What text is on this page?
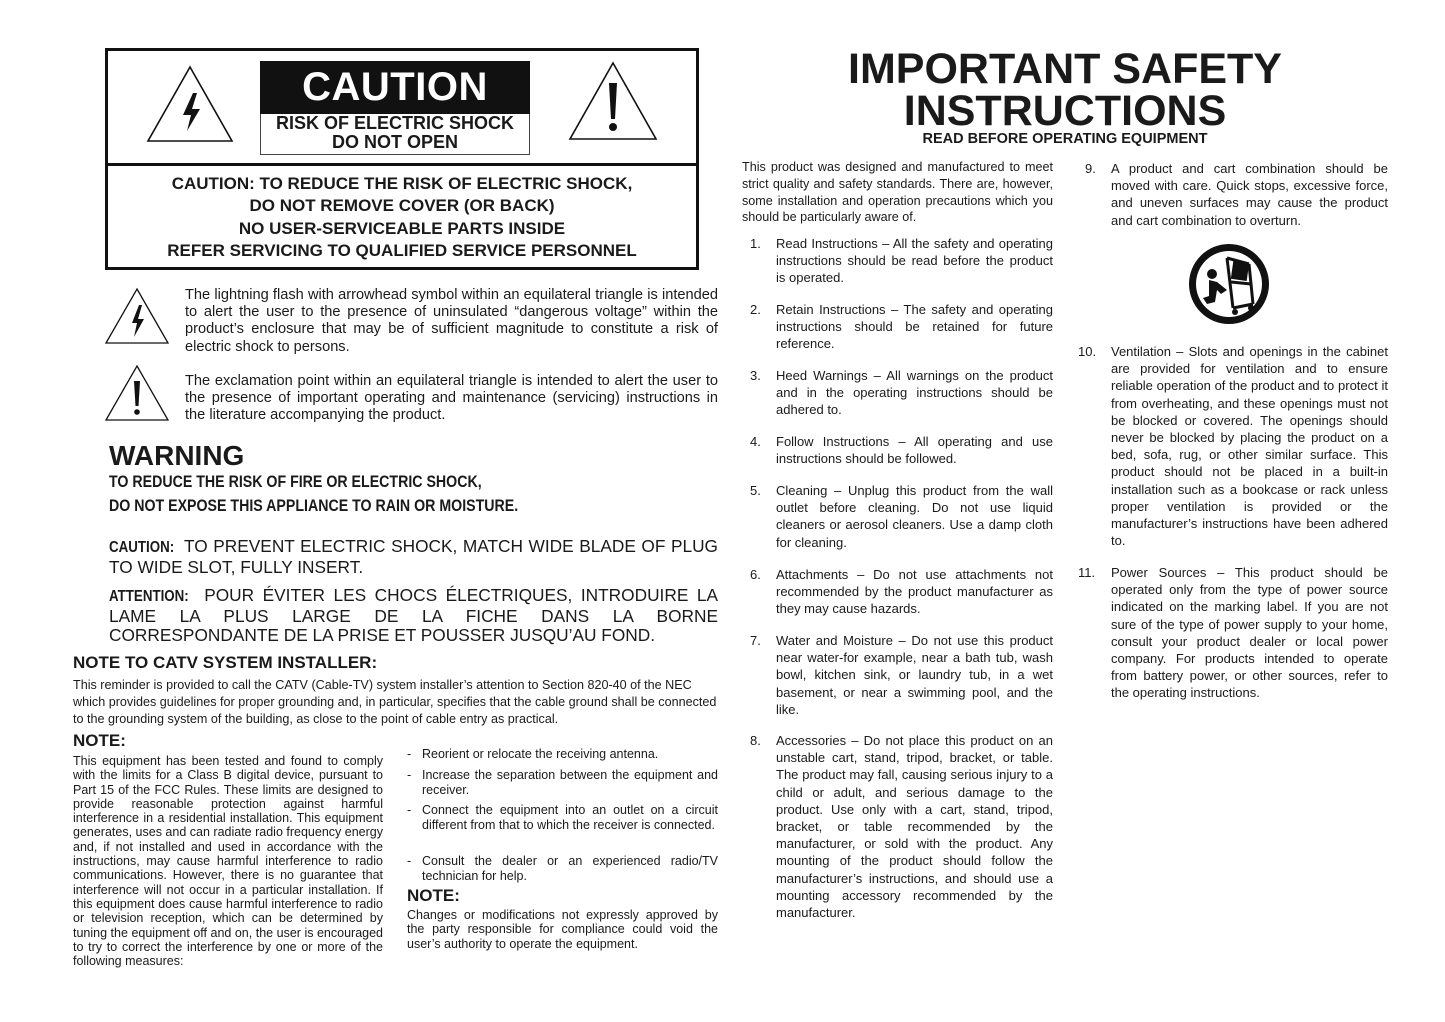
CAUTION
RISK OF ELECTRIC SHOCK
DO NOT OPEN
CAUTION: TO REDUCE THE RISK OF ELECTRIC SHOCK,
DO NOT REMOVE COVER (OR BACK)
NO USER-SERVICEABLE PARTS INSIDE
REFER SERVICING TO QUALIFIED SERVICE PERSONNEL
The lightning flash with arrowhead symbol within an equilateral triangle is intended to alert the user to the presence of uninsulated “dangerous voltage” within the product’s enclosure that may be of sufficient magnitude to constitute a risk of electric shock to persons.
The exclamation point within an equilateral triangle is intended to alert the user to the presence of important operating and maintenance (servicing) instructions in the literature accompanying the product.
WARNING
TO REDUCE THE RISK OF FIRE OR ELECTRIC SHOCK,
DO NOT EXPOSE THIS APPLIANCE TO RAIN OR MOISTURE.
CAUTION: TO PREVENT ELECTRIC SHOCK, MATCH WIDE BLADE OF PLUG TO WIDE SLOT, FULLY INSERT.
ATTENTION: POUR ÉVITER LES CHOCS ÉLECTRIQUES, INTRODUIRE LA LAME LA PLUS LARGE DE LA FICHE DANS LA BORNE CORRESPONDANTE DE LA PRISE ET POUSSER JUSQU’AU FOND.
NOTE TO CATV SYSTEM INSTALLER:
This reminder is provided to call the CATV (Cable-TV) system installer’s attention to Section 820-40 of the NEC which provides guidelines for proper grounding and, in particular, specifies that the cable ground shall be connected to the grounding system of the building, as close to the point of cable entry as practical.
NOTE:
This equipment has been tested and found to comply with the limits for a Class B digital device, pursuant to Part 15 of the FCC Rules. These limits are designed to provide reasonable protection against harmful interference in a residential installation. This equipment generates, uses and can radiate radio frequency energy and, if not installed and used in accordance with the instructions, may cause harmful interference to radio communications. However, there is no guarantee that interference will not occur in a particular installation. If this equipment does cause harmful interference to radio or television reception, which can be determined by tuning the equipment off and on, the user is encouraged to try to correct the interference by one or more of the following measures:
- Reorient or relocate the receiving antenna.
- Increase the separation between the equipment and receiver.
- Connect the equipment into an outlet on a circuit different from that to which the receiver is connected.
- Consult the dealer or an experienced radio/TV technician for help.
NOTE:
Changes or modifications not expressly approved by the party responsible for compliance could void the user’s authority to operate the equipment.
IMPORTANT SAFETY
INSTRUCTIONS
READ BEFORE OPERATING EQUIPMENT
This product was designed and manufactured to meet strict quality and safety standards. There are, however, some installation and operation precautions which you should be particularly aware of.
1. Read Instructions – All the safety and operating instructions should be read before the product is operated.
2. Retain Instructions – The safety and operating instructions should be retained for future reference.
3. Heed Warnings – All warnings on the product and in the operating instructions should be adhered to.
4. Follow Instructions – All operating and use instructions should be followed.
5. Cleaning – Unplug this product from the wall outlet before cleaning. Do not use liquid cleaners or aerosol cleaners. Use a damp cloth for cleaning.
6. Attachments – Do not use attachments not recommended by the product manufacturer as they may cause hazards.
7. Water and Moisture – Do not use this product near water-for example, near a bath tub, wash bowl, kitchen sink, or laundry tub, in a wet basement, or near a swimming pool, and the like.
8. Accessories – Do not place this product on an unstable cart, stand, tripod, bracket, or table. The product may fall, causing serious injury to a child or adult, and serious damage to the product. Use only with a cart, stand, tripod, bracket, or table recommended by the manufacturer, or sold with the product. Any mounting of the product should follow the manufacturer’s instructions, and should use a mounting accessory recommended by the manufacturer.
9. A product and cart combination should be moved with care. Quick stops, excessive force, and uneven surfaces may cause the product and cart combination to overturn.
10. Ventilation – Slots and openings in the cabinet are provided for ventilation and to ensure reliable operation of the product and to protect it from overheating, and these openings must not be blocked or covered. The openings should never be blocked by placing the product on a bed, sofa, rug, or other similar surface. This product should not be placed in a built-in installation such as a bookcase or rack unless proper ventilation is provided or the manufacturer’s instructions have been adhered to.
11. Power Sources – This product should be operated only from the type of power source indicated on the marking label. If you are not sure of the type of power supply to your home, consult your product dealer or local power company. For products intended to operate from battery power, or other sources, refer to the operating instructions.
